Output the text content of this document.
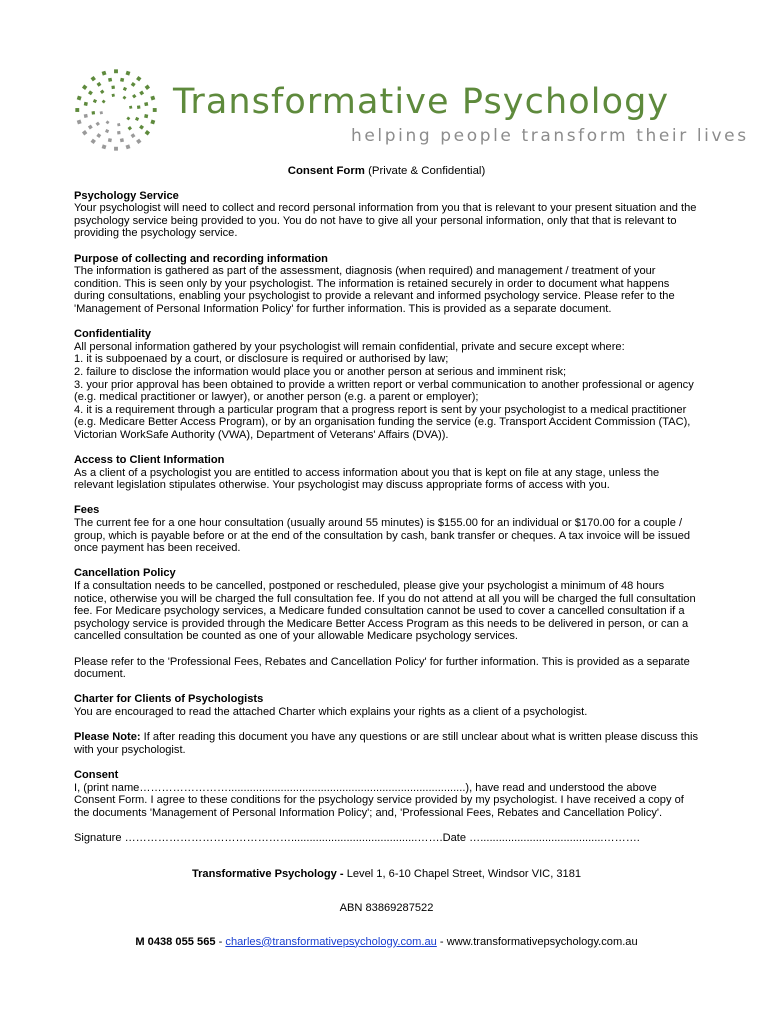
Transformative Psychology
helping people transform their lives
Consent Form (Private & Confidential)
Psychology Service
Your psychologist will need to collect and record personal information from you that is relevant to your present situation and the psychology service being provided to you. You do not have to give all your personal information, only that that is relevant to providing the psychology service.
Purpose of collecting and recording information
The information is gathered as part of the assessment, diagnosis (when required) and management / treatment of your condition. This is seen only by your psychologist. The information is retained securely in order to document what happens during consultations, enabling your psychologist to provide a relevant and informed psychology service. Please refer to the 'Management of Personal Information Policy' for further information. This is provided as a separate document.
Confidentiality
All personal information gathered by your psychologist will remain confidential, private and secure except where:
1. it is subpoenaed by a court, or disclosure is required or authorised by law;
2. failure to disclose the information would place you or another person at serious and imminent risk;
3. your prior approval has been obtained to provide a written report or verbal communication to another professional or agency (e.g. medical practitioner or lawyer), or another person (e.g. a parent or employer);
4. it is a requirement through a particular program that a progress report is sent by your psychologist to a medical practitioner (e.g. Medicare Better Access Program), or by an organisation funding the service (e.g. Transport Accident Commission (TAC), Victorian WorkSafe Authority (VWA), Department of Veterans' Affairs (DVA)).
Access to Client Information
As a client of a psychologist you are entitled to access information about you that is kept on file at any stage, unless the relevant legislation stipulates otherwise. Your psychologist may discuss appropriate forms of access with you.
Fees
The current fee for a one hour consultation (usually around 55 minutes) is $155.00 for an individual or $170.00 for a couple / group, which is payable before or at the end of the consultation by cash, bank transfer or cheques. A tax invoice will be issued once payment has been received.
Cancellation Policy
If a consultation needs to be cancelled, postponed or rescheduled, please give your psychologist a minimum of 48 hours notice, otherwise you will be charged the full consultation fee. If you do not attend at all you will be charged the full consultation fee. For Medicare psychology services, a Medicare funded consultation cannot be used to cover a cancelled consultation if a psychology service is provided through the Medicare Better Access Program as this needs to be delivered in person, or can a cancelled consultation be counted as one of your allowable Medicare psychology services.
Please refer to the 'Professional Fees, Rebates and Cancellation Policy' for further information. This is provided as a separate document.
Charter for Clients of Psychologists
You are encouraged to read the attached Charter which explains your rights as a client of a psychologist.
Please Note: If after reading this document you have any questions or are still unclear about what is written please discuss this with your psychologist.
Consent
I, (print name…………………….............................................................................), have read and understood the above Consent Form. I agree to these conditions for the psychology service provided by my psychologist. I have received a copy of the documents 'Management of Personal Information Policy'; and, 'Professional Fees, Rebates and Cancellation Policy'.
Signature ……………………………………….........................................…….Date …........................................……….
Transformative Psychology - Level 1, 6-10 Chapel Street, Windsor VIC, 3181
ABN 83869287522
M 0438 055 565 - charles@transformativepsychology.com.au - www.transformativepsychology.com.au
